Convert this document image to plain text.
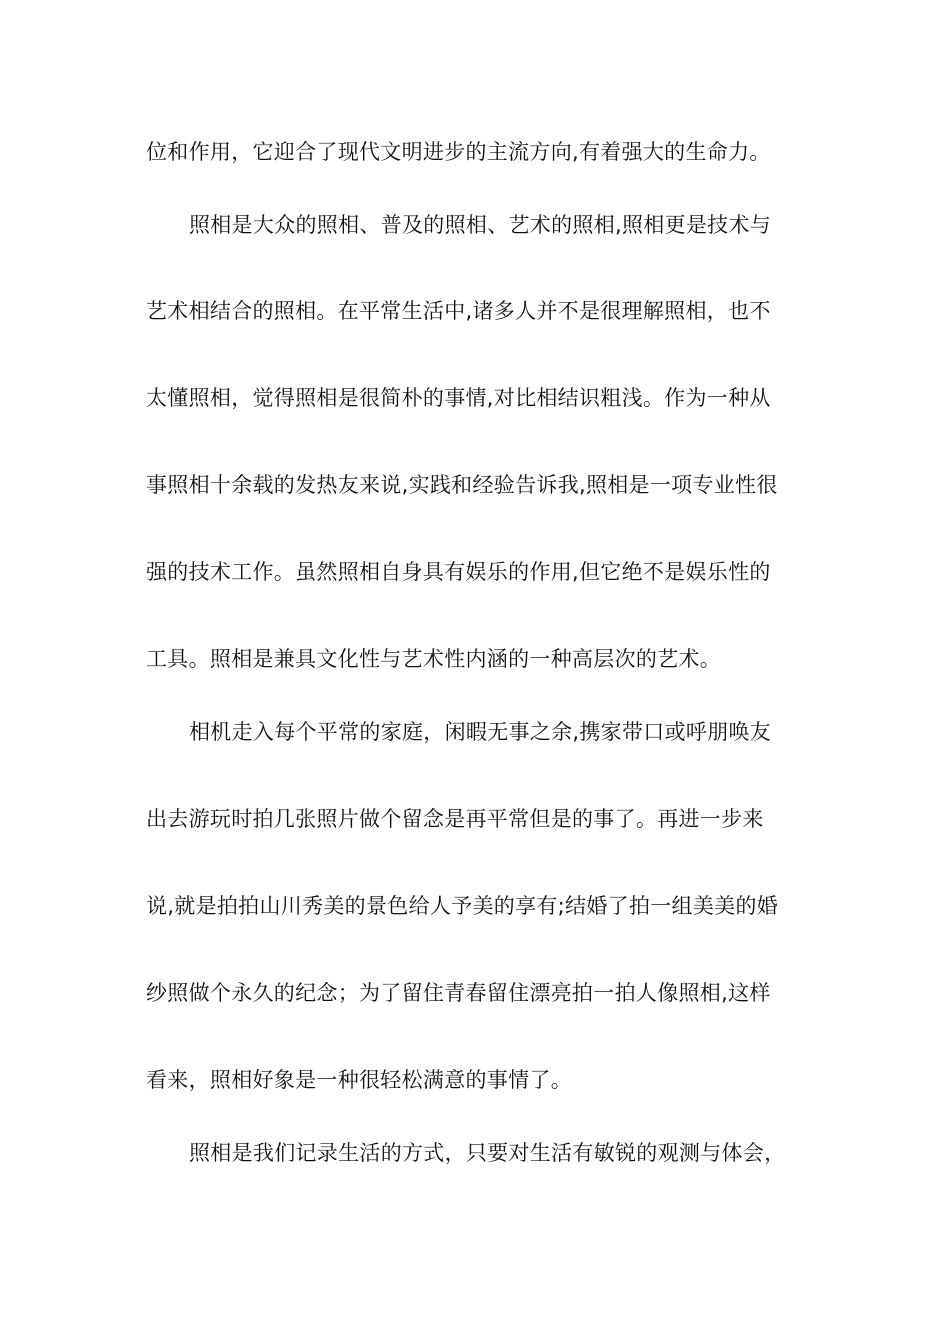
位和作用，它迎合了现代文明进步的主流方向,有着强大的生命力。
照相是大众的照相、普及的照相、艺术的照相,照相更是技术与
艺术相结合的照相。在平常生活中,诸多人并不是很理解照相，也不
太懂照相，觉得照相是很简朴的事情,对比相结识粗浅。作为一种从
事照相十余载的发热友来说,实践和经验告诉我,照相是一项专业性很
强的技术工作。虽然照相自身具有娱乐的作用,但它绝不是娱乐性的
工具。照相是兼具文化性与艺术性内涵的一种高层次的艺术。
相机走入每个平常的家庭，闲暇无事之余,携家带口或呼朋唤友
出去游玩时拍几张照片做个留念是再平常但是的事了。再进一步来
说,就是拍拍山川秀美的景色给人予美的享有;结婚了拍一组美美的婚
纱照做个永久的纪念；为了留住青春留住漂亮拍一拍人像照相,这样
看来，照相好象是一种很轻松满意的事情了。
照相是我们记录生活的方式，只要对生活有敏锐的观测与体会，
